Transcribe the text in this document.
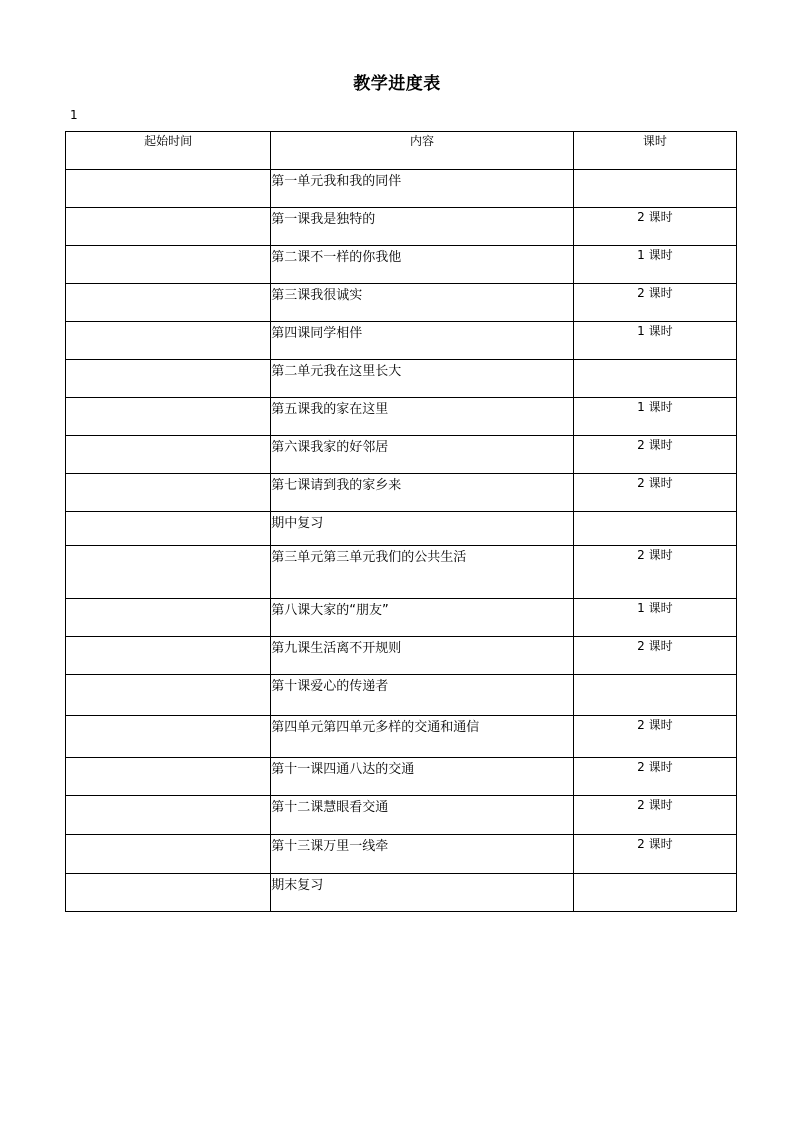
教学进度表
1
起始时间	内容	课时

	第一单元我和我的同伴	
	第一课我是独特的	2 课时
	第二课不一样的你我他	1 课时
	第三课我很诚实	2 课时
	第四课同学相伴	1 课时
	第二单元我在这里长大	
	第五课我的家在这里	1 课时
	第六课我家的好邻居	2 课时
	第七课请到我的家乡来	2 课时
	期中复习	
	第三单元第三单元我们的公共生活	2 课时
	第八课大家的“朋友”	1 课时
	第九课生活离不开规则	2 课时
	第十课爱心的传递者	
	第四单元第四单元多样的交通和通信	2 课时
	第十一课四通八达的交通	2 课时
	第十二课慧眼看交通	2 课时
	第十三课万里一线牵	2 课时
	期末复习	
